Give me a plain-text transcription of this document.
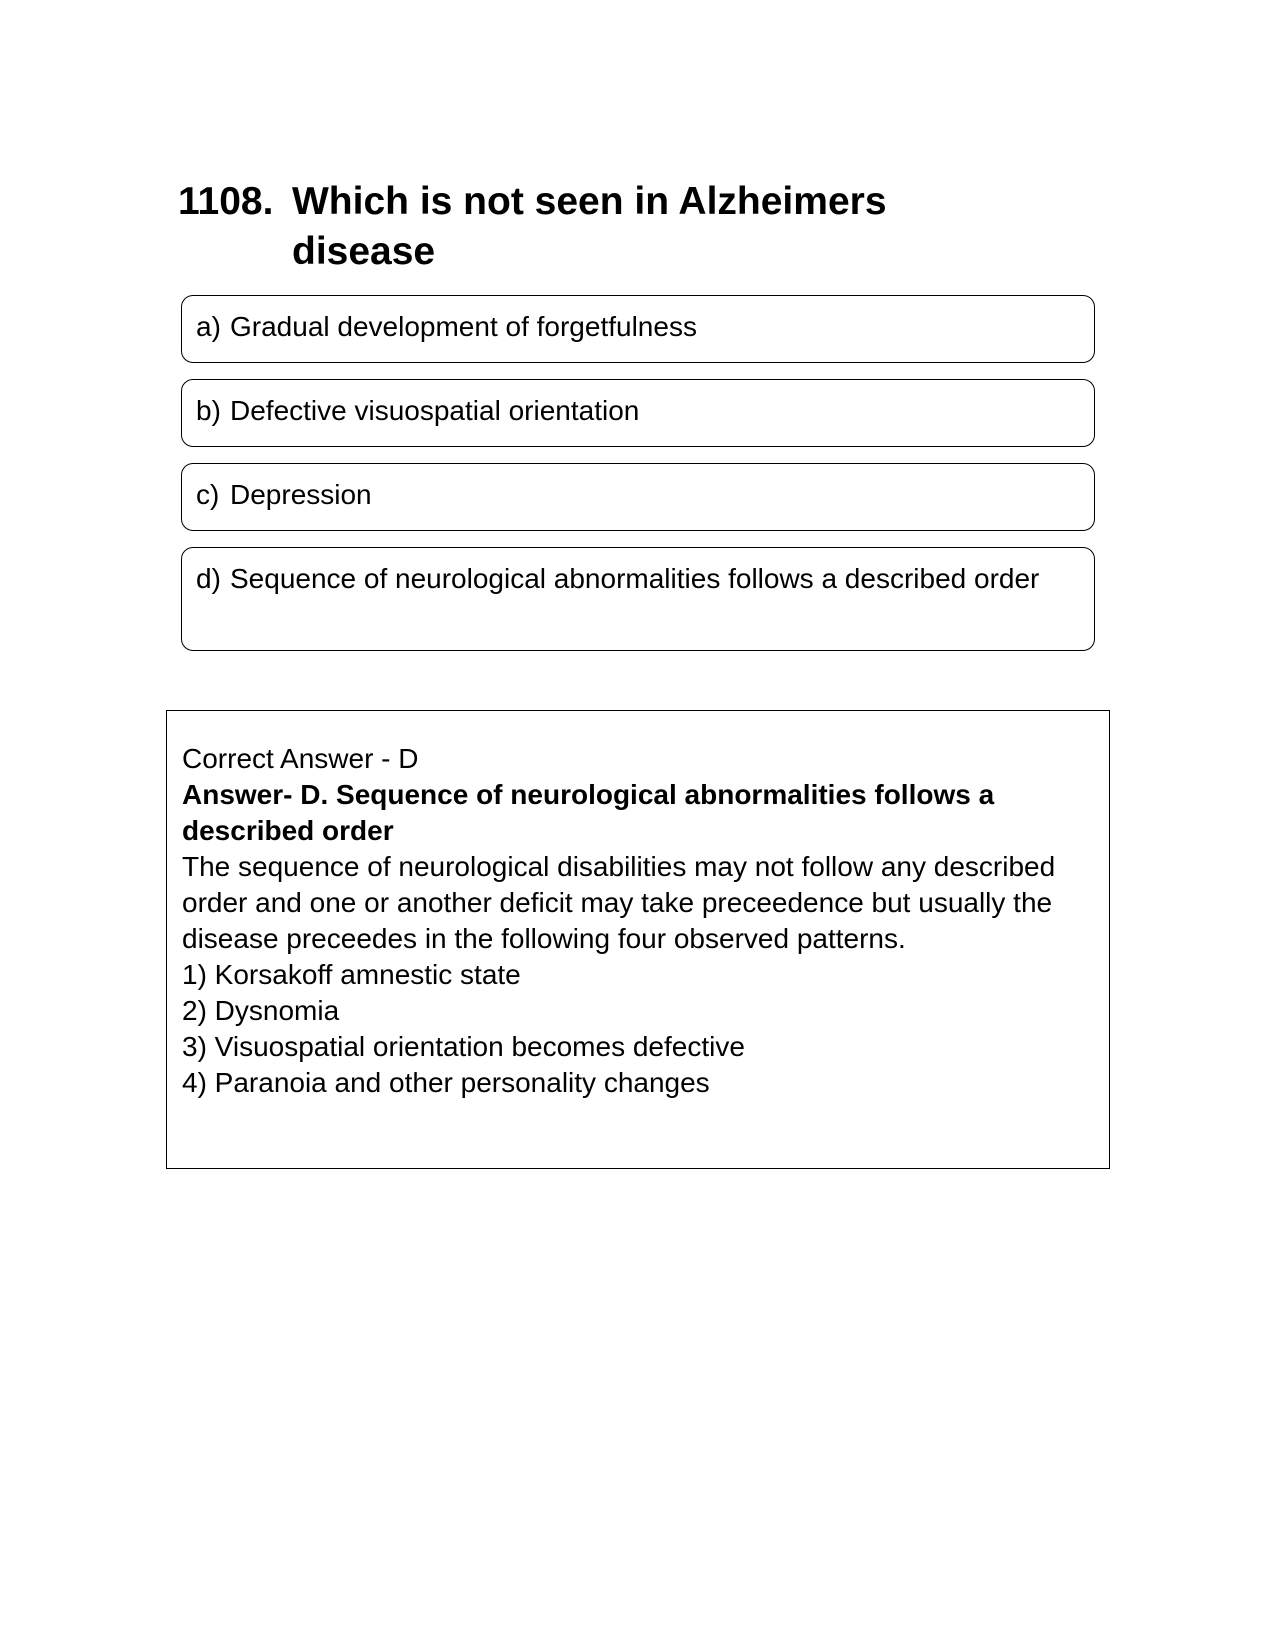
1108. Which is not seen in Alzheimers disease
a) Gradual development of forgetfulness
b) Defective visuospatial orientation
c) Depression
d) Sequence of neurological abnormalities follows a described order
Correct Answer - D
Answer- D. Sequence of neurological abnormalities follows a described order
The sequence of neurological disabilities may not follow any described order and one or another deficit may take preceedence but usually the disease preceedes in the following four observed patterns.
1) Korsakoff amnestic state
2) Dysnomia
3) Visuospatial orientation becomes defective
4) Paranoia and other personality changes
